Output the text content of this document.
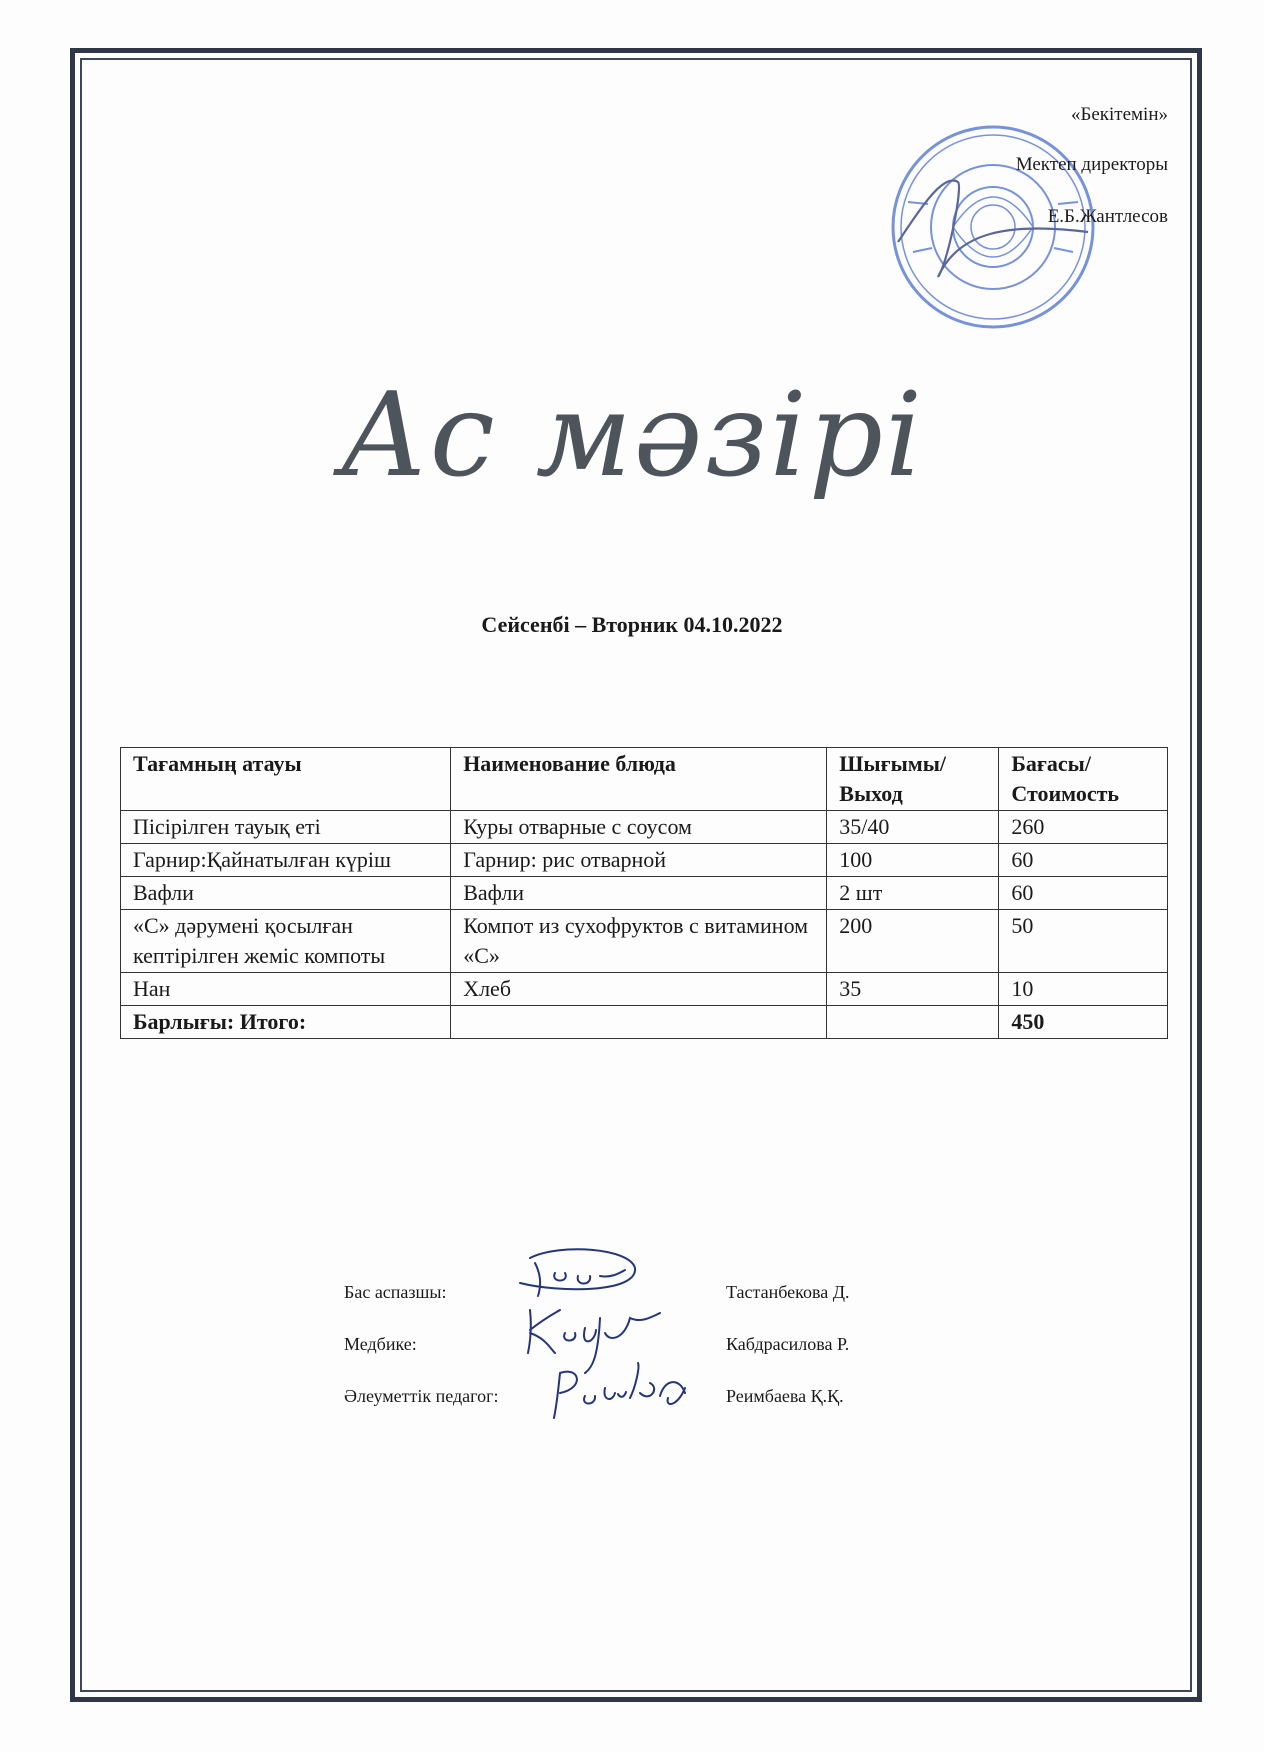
«Бекітемін»
Мектеп директоры
Е.Б.Жантлесов
Ас мәзірі
Сейсенбі – Вторник 04.10.2022
Тағамның атауы	Наименование блюда	Шығымы/ Выход	Бағасы/ Стоимость
Пісірілген тауық еті	Куры отварные с соусом	35/40	260
Гарнир:Қайнатылған күріш	Гарнир: рис отварной	100	60
Вафли	Вафли	2 шт	60
«С» дәрумені қосылған кептірілген жеміс компоты	Компот из сухофруктов с витамином «С»	200	50
Нан	Хлеб	35	10
Барлығы: Итого:			450
Бас аспазшы:	Тастанбекова Д.
Медбике:	Кабдрасилова Р.
Әлеуметтік педагог:	Реимбаева Қ.Қ.
